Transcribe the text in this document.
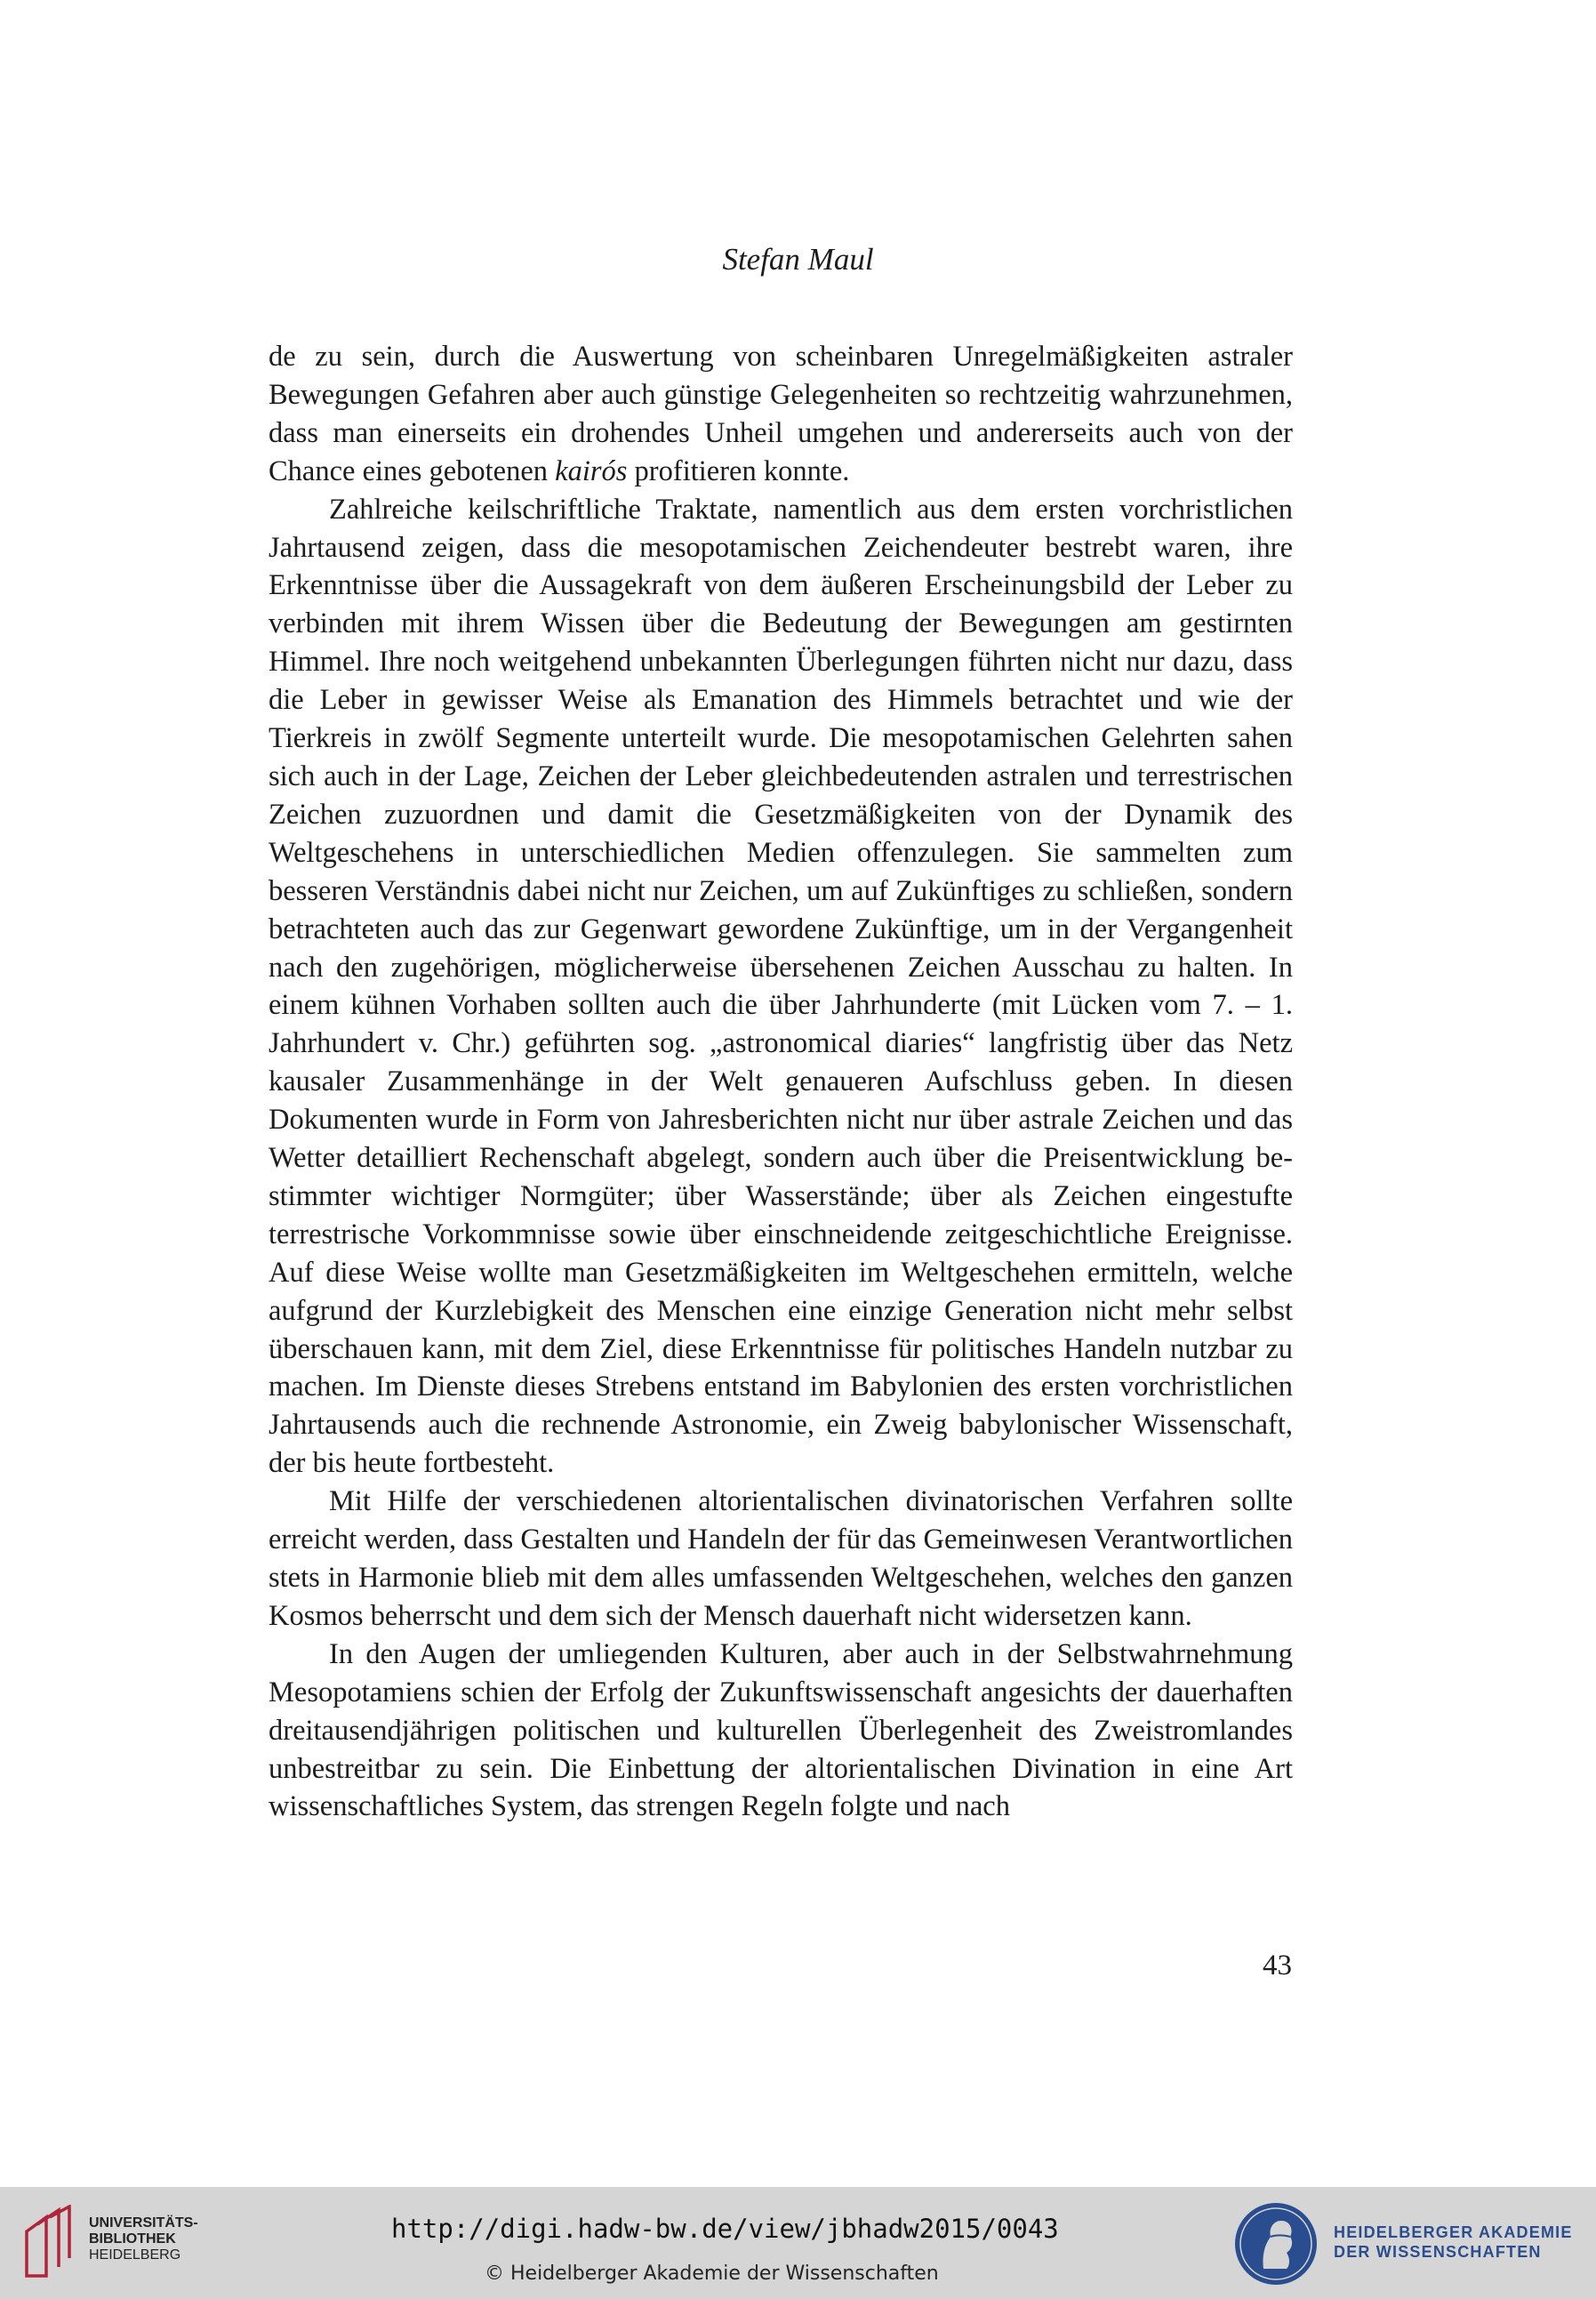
Stefan Maul

de zu sein, durch die Auswertung von scheinbaren Unregelmäßigkeiten astraler Bewegungen Gefahren aber auch günstige Gelegenheiten so rechtzeitig wahrzunehmen, dass man einerseits ein drohendes Unheil umgehen und andererseits auch von der Chance eines gebotenen kairós profitieren konnte.

Zahlreiche keilschriftliche Traktate, namentlich aus dem ersten vorchristlichen Jahrtausend zeigen, dass die mesopotamischen Zeichendeuter bestrebt waren, ihre Erkenntnisse über die Aussagekraft von dem äußeren Erscheinungsbild der Leber zu verbinden mit ihrem Wissen über die Bedeutung der Bewegungen am gestirnten Himmel. Ihre noch weitgehend unbekannten Überlegungen führten nicht nur dazu, dass die Leber in gewisser Weise als Emanation des Himmels betrachtet und wie der Tierkreis in zwölf Segmente unterteilt wurde. Die mesopotamischen Gelehrten sahen sich auch in der Lage, Zeichen der Leber gleichbedeutenden astralen und terrestrischen Zeichen zuzuordnen und damit die Gesetzmäßigkeiten von der Dynamik des Weltgeschehens in unterschiedlichen Medien offenzulegen. Sie sammelten zum besseren Verständnis dabei nicht nur Zeichen, um auf Zukünftiges zu schließen, sondern betrachteten auch das zur Gegenwart gewordene Zukünftige, um in der Vergangenheit nach den zugehörigen, möglicherweise übersehenen Zeichen Ausschau zu halten. In einem kühnen Vorhaben sollten auch die über Jahrhunderte (mit Lücken vom 7. – 1. Jahrhundert v. Chr.) geführten sog. „astronomical diaries“ langfristig über das Netz kausaler Zusammenhänge in der Welt genaueren Aufschluss geben. In diesen Dokumenten wurde in Form von Jahresberichten nicht nur über astrale Zeichen und das Wetter detailliert Rechenschaft abgelegt, sondern auch über die Preisentwicklung bestimmter wichtiger Normgüter; über Wasserstände; über als Zeichen eingestufte terrestrische Vorkommnisse sowie über einschneidende zeitgeschichtliche Ereignisse. Auf diese Weise wollte man Gesetzmäßigkeiten im Weltgeschehen ermitteln, welche aufgrund der Kurzlebigkeit des Menschen eine einzige Generation nicht mehr selbst überschauen kann, mit dem Ziel, diese Erkenntnisse für politisches Handeln nutzbar zu machen. Im Dienste dieses Strebens entstand im Babylonien des ersten vorchristlichen Jahrtausends auch die rechnende Astronomie, ein Zweig babylonischer Wissenschaft, der bis heute fortbesteht.

Mit Hilfe der verschiedenen altorientalischen divinatorischen Verfahren sollte erreicht werden, dass Gestalten und Handeln der für das Gemeinwesen Verantwortlichen stets in Harmonie blieb mit dem alles umfassenden Weltgeschehen, welches den ganzen Kosmos beherrscht und dem sich der Mensch dauerhaft nicht widersetzen kann.

In den Augen der umliegenden Kulturen, aber auch in der Selbstwahrnehmung Mesopotamiens schien der Erfolg der Zukunftswissenschaft angesichts der dauerhaften dreitausendjährigen politischen und kulturellen Überlegenheit des Zweistromlandes unbestreitbar zu sein. Die Einbettung der altorientalischen Divination in eine Art wissenschaftliches System, das strengen Regeln folgte und nach

43
UNIVERSITÄTS-
BIBLIOTHEK
HEIDELBERG
http://digi.hadw-bw.de/view/jbhadw2015/0043
© Heidelberger Akademie der Wissenschaften
HEIDELBERGER AKADEMIE
DER WISSENSCHAFTEN
